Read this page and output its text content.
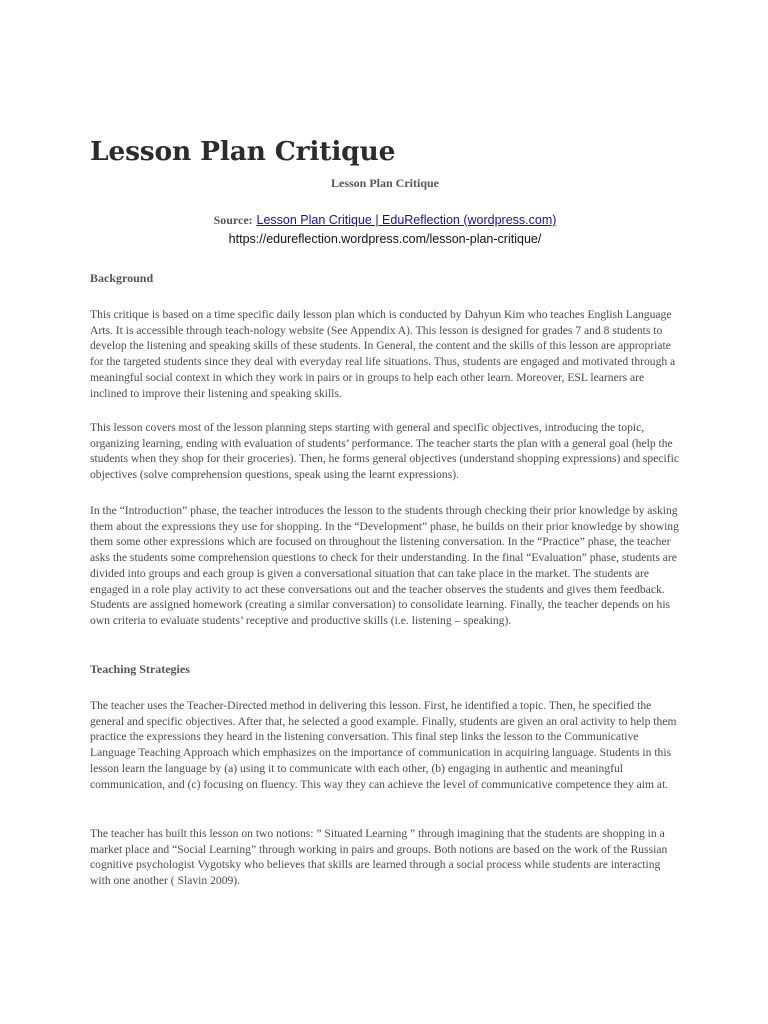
Lesson Plan Critique
Lesson Plan Critique
Source: Lesson Plan Critique | EduReflection (wordpress.com)
https://edureflection.wordpress.com/lesson-plan-critique/
Background

This critique is based on a time specific daily lesson plan which is conducted by Dahyun Kim who teaches English Language Arts. It is accessible through teach-nology website (See Appendix A). This lesson is designed for grades 7 and 8 students to develop the listening and speaking skills of these students. In General, the content and the skills of this lesson are appropriate for the targeted students since they deal with everyday real life situations. Thus, students are engaged and motivated through a meaningful social context in which they work in pairs or in groups to help each other learn. Moreover, ESL learners are inclined to improve their listening and speaking skills.

This lesson covers most of the lesson planning steps starting with general and specific objectives, introducing the topic, organizing learning, ending with evaluation of students’ performance. The teacher starts the plan with a general goal (help the students when they shop for their groceries). Then, he forms general objectives (understand shopping expressions) and specific objectives (solve comprehension questions, speak using the learnt expressions).

In the “Introduction” phase, the teacher introduces the lesson to the students through checking their prior knowledge by asking them about the expressions they use for shopping. In the “Development” phase, he builds on their prior knowledge by showing them some other expressions which are focused on throughout the listening conversation. In the “Practice” phase, the teacher asks the students some comprehension questions to check for their understanding. In the final “Evaluation” phase, students are divided into groups and each group is given a conversational situation that can take place in the market. The students are engaged in a role play activity to act these conversations out and the teacher observes the students and gives them feedback. Students are assigned homework (creating a similar conversation) to consolidate learning. Finally, the teacher depends on his own criteria to evaluate students’ receptive and productive skills (i.e. listening – speaking).

Teaching Strategies

The teacher uses the Teacher-Directed method in delivering this lesson. First, he identified a topic. Then, he specified the general and specific objectives. After that, he selected a good example. Finally, students are given an oral activity to help them practice the expressions they heard in the listening conversation. This final step links the lesson to the Communicative Language Teaching Approach which emphasizes on the importance of communication in acquiring language. Students in this lesson learn the language by (a) using it to communicate with each other, (b) engaging in authentic and meaningful communication, and (c) focusing on fluency. This way they can achieve the level of communicative competence they aim at.

The teacher has built this lesson on two notions: ” Situated Learning ” through imagining that the students are shopping in a market place and “Social Learning” through working in pairs and groups. Both notions are based on the work of the Russian cognitive psychologist Vygotsky who believes that skills are learned through a social process while students are interacting with one another ( Slavin 2009).
